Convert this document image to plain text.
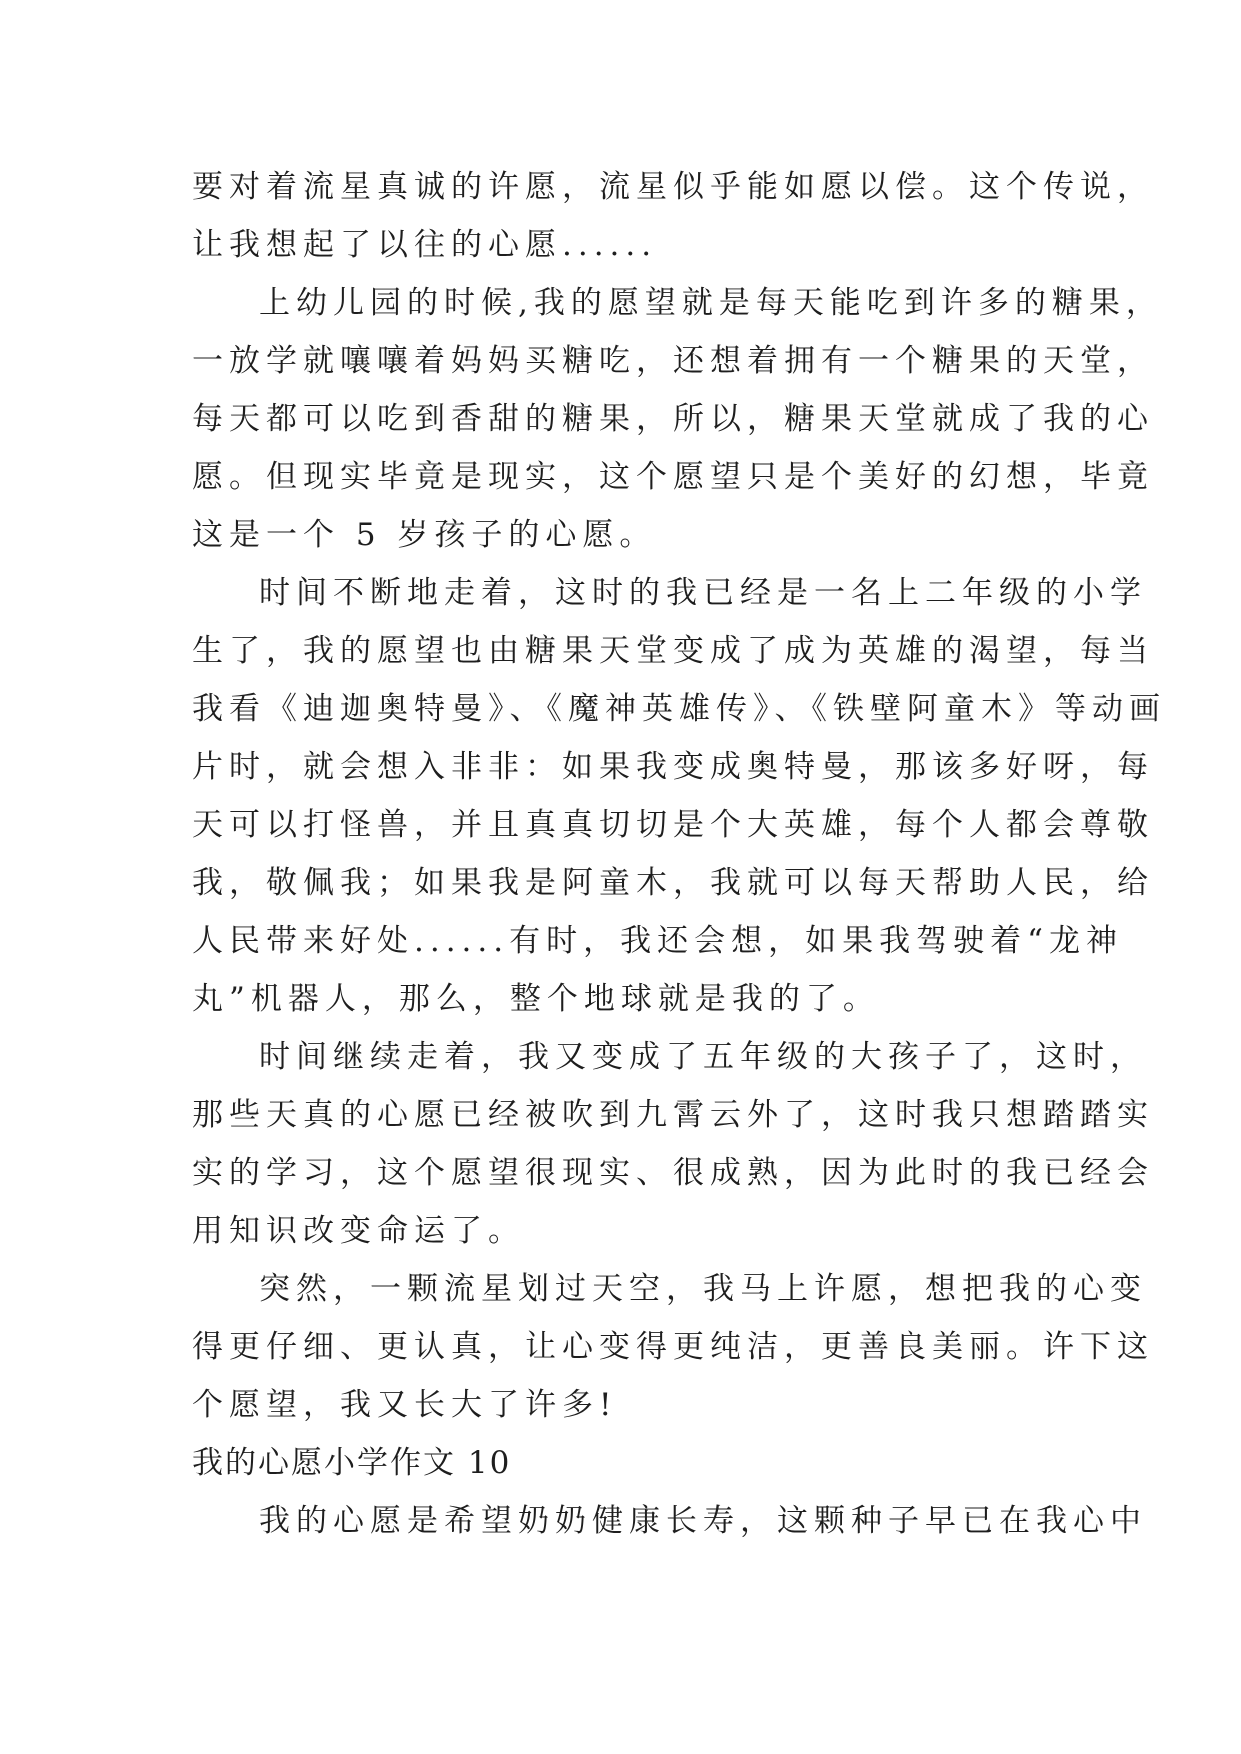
要对着流星真诚的许愿，流星似乎能如愿以偿。这个传说，
让我想起了以往的心愿......
上幼儿园的时候,我的愿望就是每天能吃到许多的糖果，
一放学就嚷嚷着妈妈买糖吃，还想着拥有一个糖果的天堂，
每天都可以吃到香甜的糖果，所以，糖果天堂就成了我的心
愿。但现实毕竟是现实，这个愿望只是个美好的幻想，毕竟
这是一个 5 岁孩子的心愿。
时间不断地走着，这时的我已经是一名上二年级的小学
生了，我的愿望也由糖果天堂变成了成为英雄的渴望，每当
我看《迪迦奥特曼》、《魔神英雄传》、《铁壁阿童木》等动画
片时，就会想入非非：如果我变成奥特曼，那该多好呀，每
天可以打怪兽，并且真真切切是个大英雄，每个人都会尊敬
我，敬佩我；如果我是阿童木，我就可以每天帮助人民，给
人民带来好处......有时，我还会想，如果我驾驶着“龙神
丸”机器人，那么，整个地球就是我的了。
时间继续走着，我又变成了五年级的大孩子了，这时，
那些天真的心愿已经被吹到九霄云外了，这时我只想踏踏实
实的学习，这个愿望很现实、很成熟，因为此时的我已经会
用知识改变命运了。
突然，一颗流星划过天空，我马上许愿，想把我的心变
得更仔细、更认真，让心变得更纯洁，更善良美丽。许下这
个愿望，我又长大了许多!
我的心愿小学作文 10
我的心愿是希望奶奶健康长寿，这颗种子早已在我心中
